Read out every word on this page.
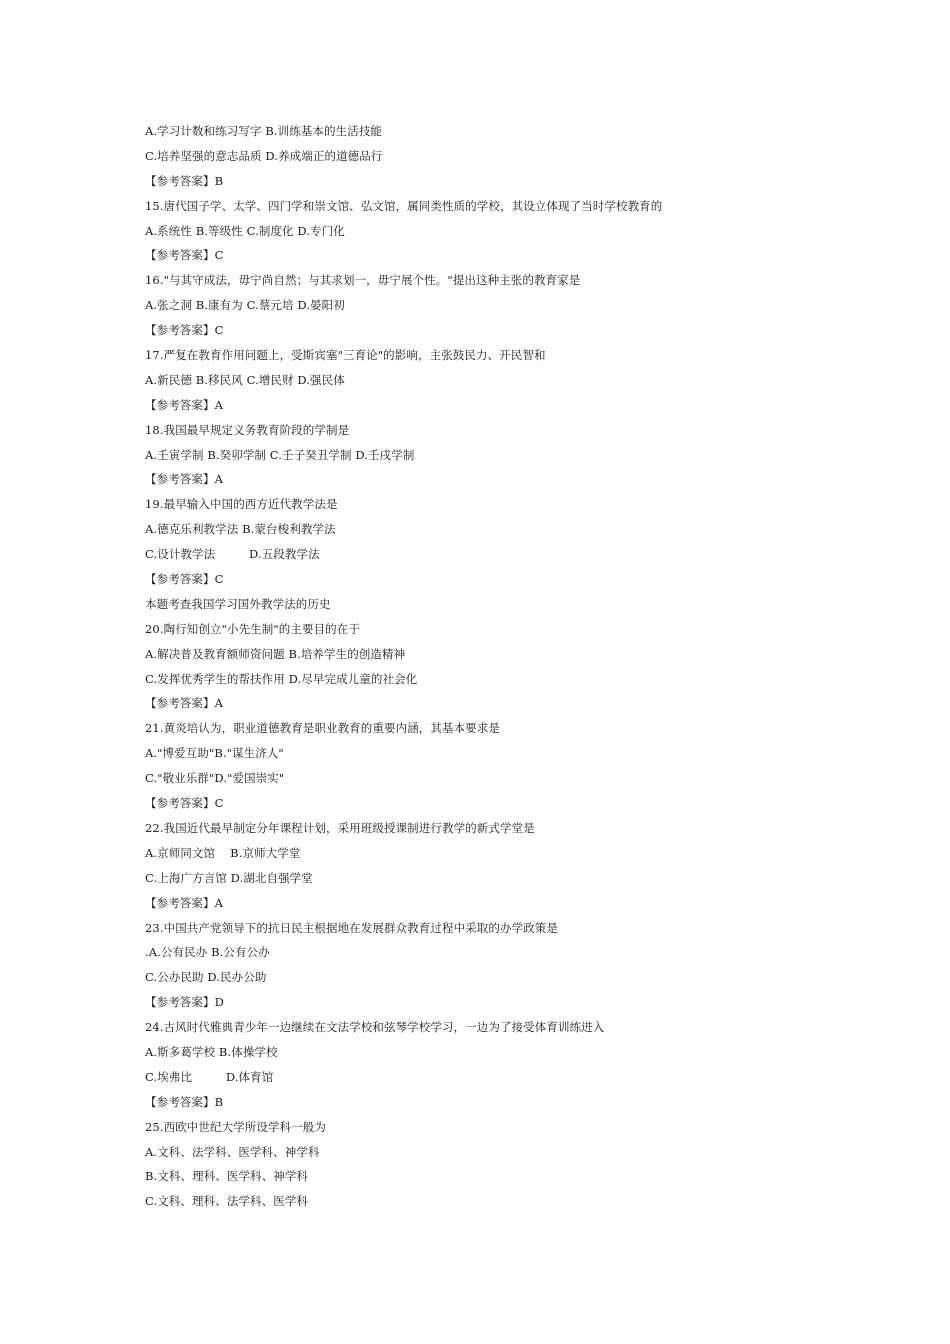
A.学习计数和练习写字 B.训练基本的生活技能
C.培养坚强的意志品质 D.养成端正的道德品行
【参考答案】B
15.唐代国子学、太学、四门学和崇文馆、弘文馆，属同类性质的学校，其设立体现了当时学校教育的
A.系统性 B.等级性 C.制度化 D.专门化
【参考答案】C
16."与其守成法，毋宁尚自然；与其求划一，毋宁展个性。"提出这种主张的教育家是
A.张之洞 B.康有为 C.蔡元培 D.晏阳初
【参考答案】C
17.严复在教育作用问题上，受斯宾塞"三育论"的影响，主张鼓民力、开民智和
A.新民德 B.移民风 C.增民财 D.强民体
【参考答案】A
18.我国最早规定义务教育阶段的学制是
A.壬寅学制 B.癸卯学制 C.壬子癸丑学制 D.壬戌学制
【参考答案】A
19.最早输入中国的西方近代教学法是
A.德克乐利教学法 B.蒙台梭利教学法
C.设计教学法         D.五段教学法
【参考答案】C
本题考查我国学习国外教学法的历史
20.陶行知创立"小先生制"的主要目的在于
A.解决普及教育额师资问题 B.培养学生的创造精神
C.发挥优秀学生的帮扶作用 D.尽早完成儿童的社会化
【参考答案】A
21.黄炎培认为，职业道德教育是职业教育的重要内涵，其基本要求是
A."博爱互助"B."谋生济人"
C."敬业乐群"D."爱国崇实"
【参考答案】C
22.我国近代最早制定分年课程计划，采用班级授课制进行教学的新式学堂是
A.京师同文馆    B.京师大学堂
C.上海广方言馆 D.湖北自强学堂
【参考答案】A
23.中国共产党领导下的抗日民主根据地在发展群众教育过程中采取的办学政策是
.A.公有民办 B.公有公办
C.公办民助 D.民办公助
【参考答案】D
24.古风时代雅典青少年一边继续在文法学校和弦琴学校学习，一边为了接受体育训练进入
A.斯多葛学校 B.体操学校
C.埃弗比         D.体育馆
【参考答案】B
25.西欧中世纪大学所设学科一般为
A.文科、法学科、医学科、神学科
B.文科、理科、医学科、神学科
C.文科、理科、法学科、医学科
